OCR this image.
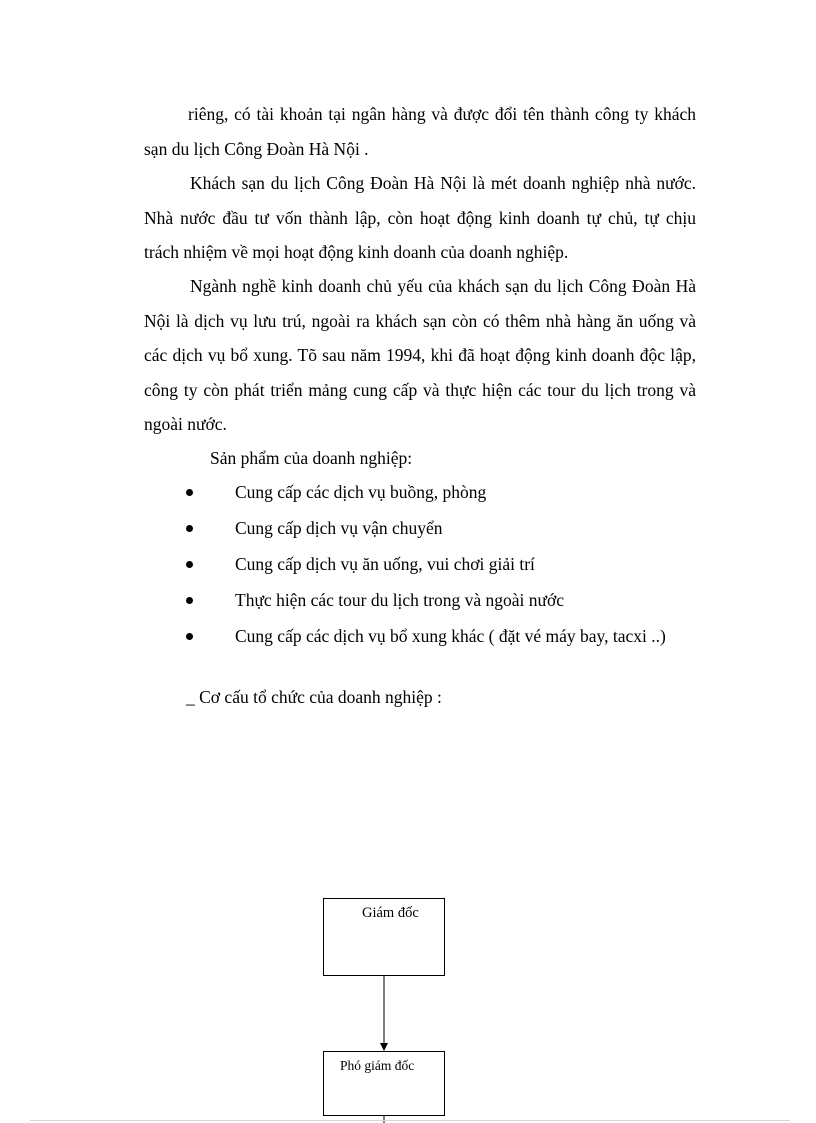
riêng, có tài khoản tại ngân hàng và được đổi tên thành công ty khách sạn du lịch Công Đoàn Hà Nội .

Khách sạn du lịch Công Đoàn Hà Nội là mét doanh nghiệp nhà nước. Nhà nước đầu tư vốn thành lập, còn hoạt động kinh doanh tự chủ, tự chịu trách nhiệm về mọi hoạt động kinh doanh của doanh nghiệp.

Ngành nghề kinh doanh chủ yếu của khách sạn du lịch Công Đoàn Hà Nội là dịch vụ lưu trú, ngoài ra khách sạn còn có thêm nhà hàng ăn uống và các dịch vụ bổ xung. Tõ sau năm 1994, khi đã hoạt động kinh doanh độc lập, công ty còn phát triển mảng cung cấp và thực hiện các tour du lịch trong và ngoài nước.

Sản phẩm của doanh nghiệp:

Cung cấp các dịch vụ buồng, phòng
Cung cấp dịch vụ vận chuyển
Cung cấp dịch vụ ăn uống, vui chơi giải trí
Thực hiện các tour du lịch trong và ngoài nước
Cung cấp các dịch vụ bổ xung khác ( đặt vé máy bay, tacxi ..)

_ Cơ cấu tổ chức của doanh nghiệp :

Giám đốc
Phó giám đốc
